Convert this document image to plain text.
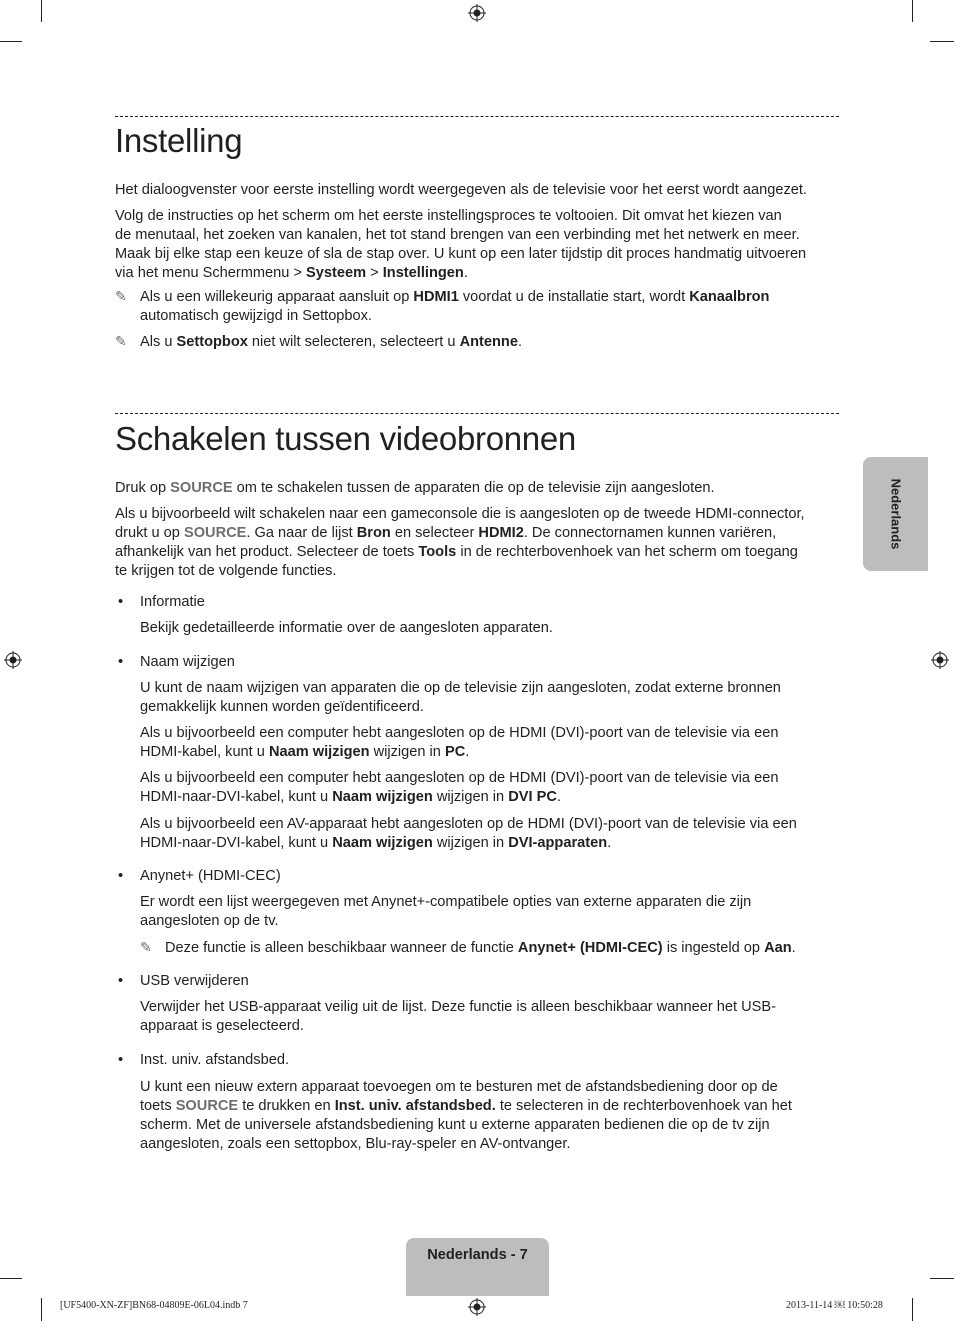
Instelling

Het dialoogvenster voor eerste instelling wordt weergegeven als de televisie voor het eerst wordt aangezet.

Volg de instructies op het scherm om het eerste instellingsproces te voltooien. Dit omvat het kiezen van
de menutaal, het zoeken van kanalen, het tot stand brengen van een verbinding met het netwerk en meer.
Maak bij elke stap een keuze of sla de stap over. U kunt op een later tijdstip dit proces handmatig uitvoeren
via het menu Schermmenu > Systeem > Instellingen.
✎ Als u een willekeurig apparaat aansluit op HDMI1 voordat u de installatie start, wordt Kanaalbron
automatisch gewijzigd in Settopbox.
✎ Als u Settopbox niet wilt selecteren, selecteert u Antenne.
Schakelen tussen videobronnen
Druk op SOURCE om te schakelen tussen de apparaten die op de televisie zijn aangesloten.
Als u bijvoorbeeld wilt schakelen naar een gameconsole die is aangesloten op de tweede HDMI-connector,
drukt u op SOURCE. Ga naar de lijst Bron en selecteer HDMI2. De connectornamen kunnen variëren,
afhankelijk van het product. Selecteer de toets Tools in de rechterbovenhoek van het scherm om toegang
te krijgen tot de volgende functies.
• Informatie
Bekijk gedetailleerde informatie over de aangesloten apparaten.
• Naam wijzigen
U kunt de naam wijzigen van apparaten die op de televisie zijn aangesloten, zodat externe bronnen
gemakkelijk kunnen worden geïdentificeerd.
Als u bijvoorbeeld een computer hebt aangesloten op de HDMI (DVI)-poort van de televisie via een
HDMI-kabel, kunt u Naam wijzigen wijzigen in PC.
Als u bijvoorbeeld een computer hebt aangesloten op de HDMI (DVI)-poort van de televisie via een
HDMI-naar-DVI-kabel, kunt u Naam wijzigen wijzigen in DVI PC.
Als u bijvoorbeeld een AV-apparaat hebt aangesloten op de HDMI (DVI)-poort van de televisie via een
HDMI-naar-DVI-kabel, kunt u Naam wijzigen wijzigen in DVI-apparaten.
• Anynet+ (HDMI-CEC)
Er wordt een lijst weergegeven met Anynet+-compatibele opties van externe apparaten die zijn
aangesloten op de tv.
✎ Deze functie is alleen beschikbaar wanneer de functie Anynet+ (HDMI-CEC) is ingesteld op Aan.
• USB verwijderen
Verwijder het USB-apparaat veilig uit de lijst. Deze functie is alleen beschikbaar wanneer het USB-
apparaat is geselecteerd.
• Inst. univ. afstandsbed.
U kunt een nieuw extern apparaat toevoegen om te besturen met de afstandsbediening door op de
toets SOURCE te drukken en Inst. univ. afstandsbed. te selecteren in de rechterbovenhoek van het
scherm. Met de universele afstandsbediening kunt u externe apparaten bedienen die op de tv zijn
aangesloten, zoals een settopbox, Blu-ray-speler en AV-ontvanger.
Nederlands
Nederlands - 7
[UF5400-XN-ZF]BN68-04809E-06L04.indb 7	2013-11-14 ￼ 10:50:28
